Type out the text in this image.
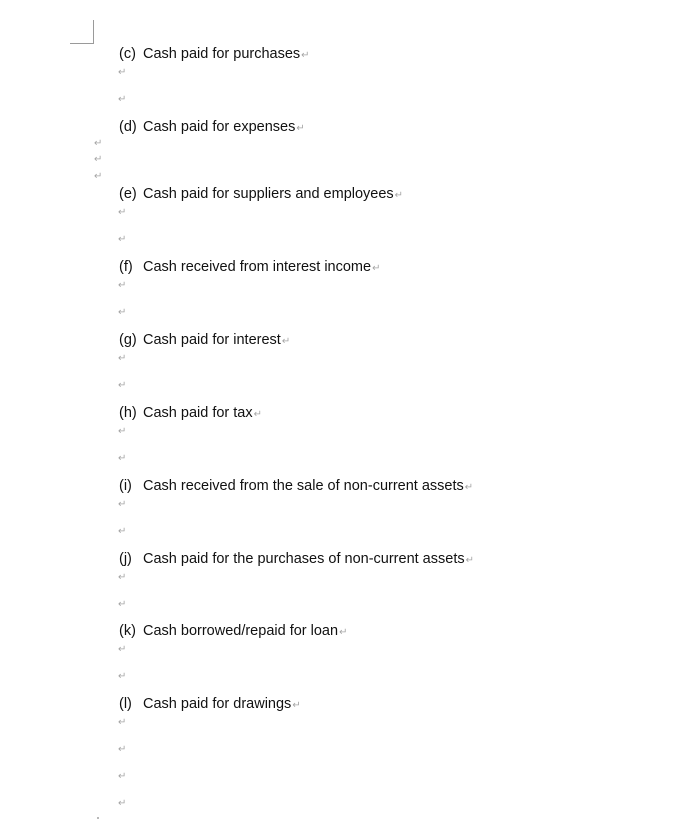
(c) Cash paid for purchases↵
↵
↵
(d) Cash paid for expenses↵
↵
↵
↵
(e) Cash paid for suppliers and employees↵
↵
↵
(f) Cash received from interest income↵
↵
↵
(g) Cash paid for interest↵
↵
↵
(h) Cash paid for tax↵
↵
↵
(i) Cash received from the sale of non-current assets↵
↵
↵
(j) Cash paid for the purchases of non-current assets↵
↵
↵
(k) Cash borrowed/repaid for loan↵
↵
↵
(l) Cash paid for drawings↵
↵
↵
↵
↵
